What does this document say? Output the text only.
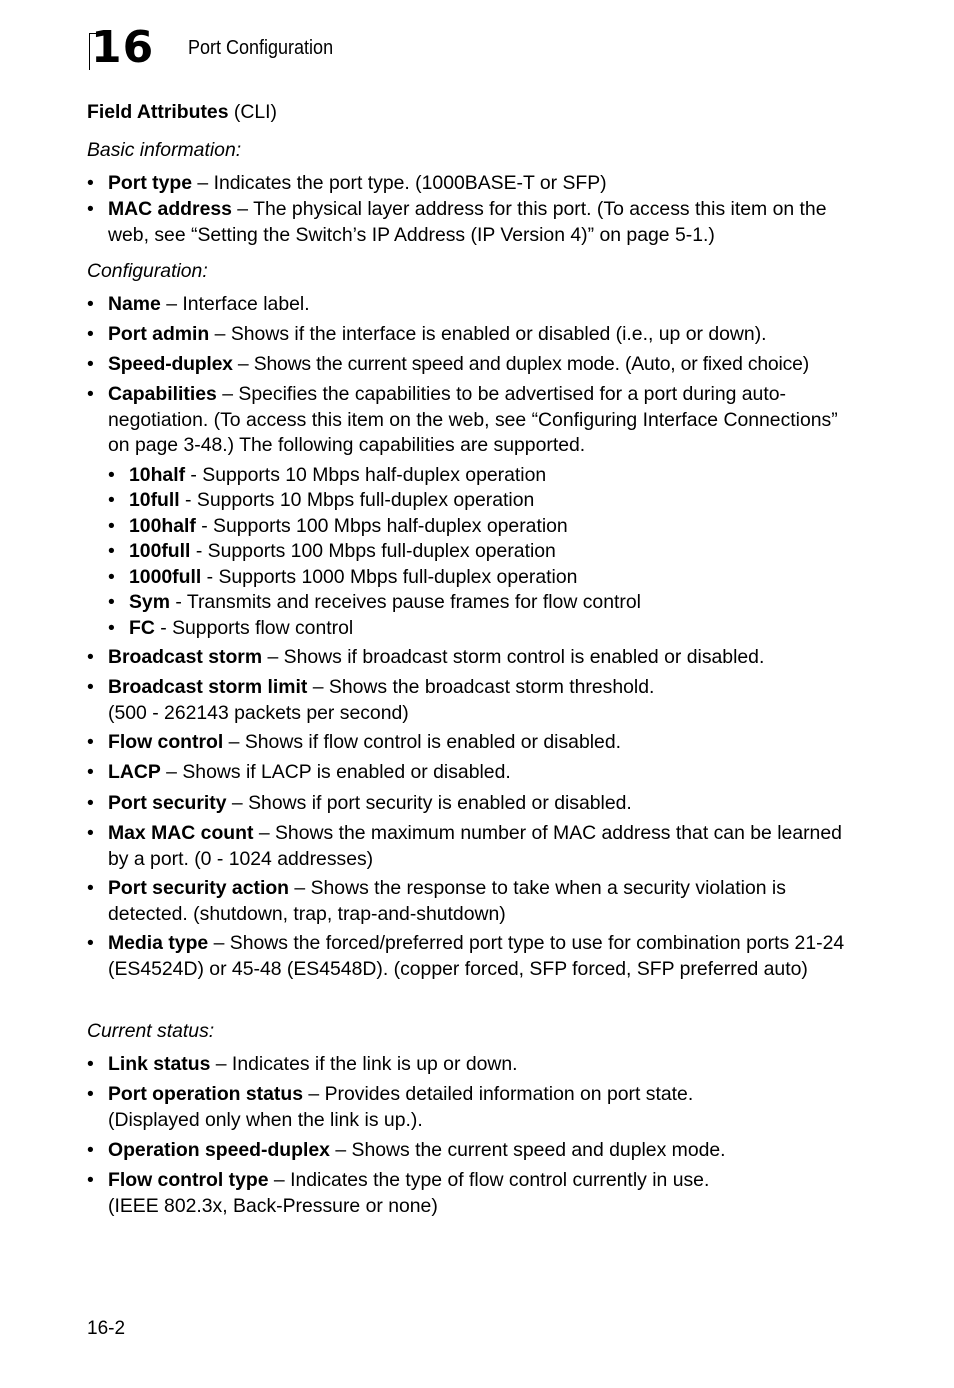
16 Port Configuration
Field Attributes (CLI)
Basic information:
• Port type – Indicates the port type. (1000BASE-T or SFP)
• MAC address – The physical layer address for this port. (To access this item on the web, see “Setting the Switch’s IP Address (IP Version 4)” on page 5-1.)
Configuration:
• Name – Interface label.
• Port admin – Shows if the interface is enabled or disabled (i.e., up or down).
• Speed-duplex – Shows the current speed and duplex mode. (Auto, or fixed choice)
• Capabilities – Specifies the capabilities to be advertised for a port during auto-negotiation. (To access this item on the web, see “Configuring Interface Connections” on page 3-48.) The following capabilities are supported.
• 10half - Supports 10 Mbps half-duplex operation
• 10full - Supports 10 Mbps full-duplex operation
• 100half - Supports 100 Mbps half-duplex operation
• 100full - Supports 100 Mbps full-duplex operation
• 1000full - Supports 1000 Mbps full-duplex operation
• Sym - Transmits and receives pause frames for flow control
• FC - Supports flow control
• Broadcast storm – Shows if broadcast storm control is enabled or disabled.
• Broadcast storm limit – Shows the broadcast storm threshold.
(500 - 262143 packets per second)
• Flow control – Shows if flow control is enabled or disabled.
• LACP – Shows if LACP is enabled or disabled.
• Port security – Shows if port security is enabled or disabled.
• Max MAC count – Shows the maximum number of MAC address that can be learned by a port. (0 - 1024 addresses)
• Port security action – Shows the response to take when a security violation is detected. (shutdown, trap, trap-and-shutdown)
• Media type – Shows the forced/preferred port type to use for combination ports 21-24 (ES4524D) or 45-48 (ES4548D). (copper forced, SFP forced, SFP preferred auto)
Current status:
• Link status – Indicates if the link is up or down.
• Port operation status – Provides detailed information on port state.
(Displayed only when the link is up.).
• Operation speed-duplex – Shows the current speed and duplex mode.
• Flow control type – Indicates the type of flow control currently in use.
(IEEE 802.3x, Back-Pressure or none)
16-2
